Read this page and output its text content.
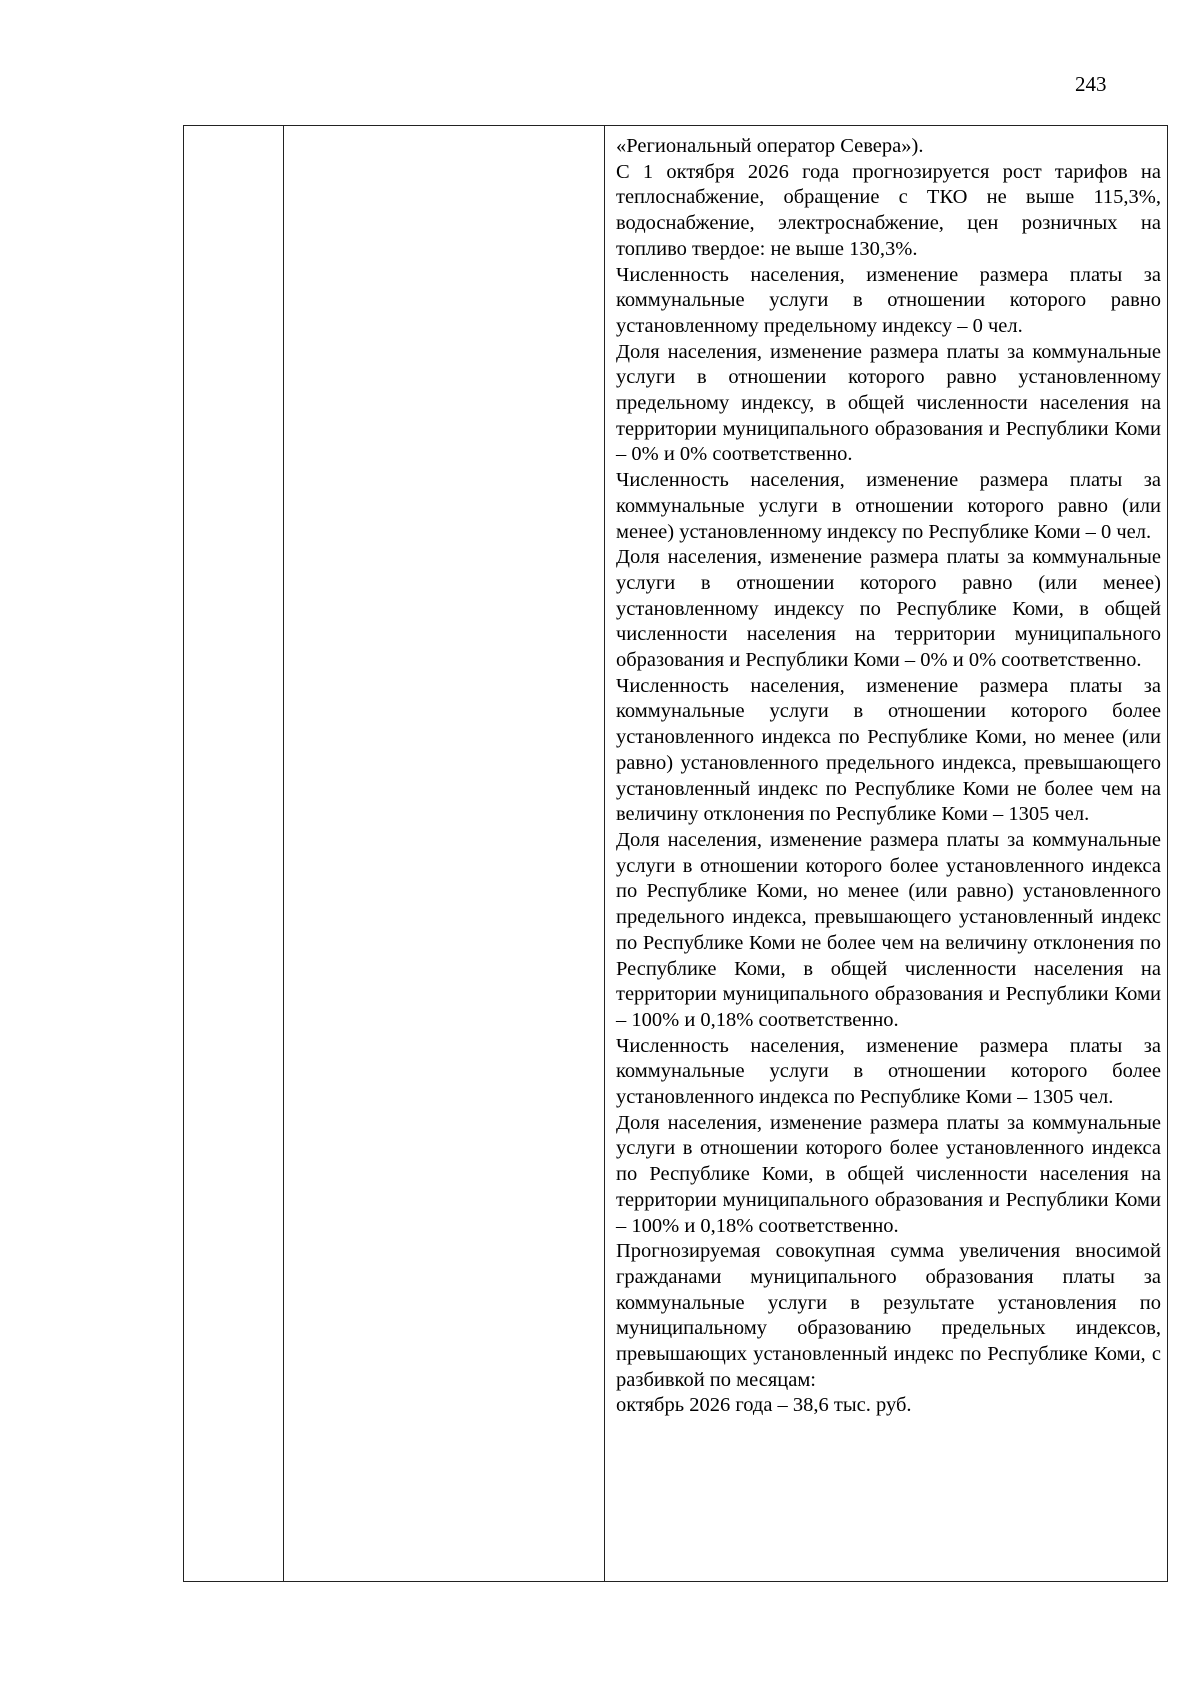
243

«Региональный оператор Севера»).

С 1 октября 2026 года прогнозируется рост тарифов на теплоснабжение, обращение с ТКО не выше 115,3%, водоснабжение, электроснабжение, цен розничных на топливо твердое: не выше 130,3%.

Численность населения, изменение размера платы за коммунальные услуги в отношении которого равно установленному предельному индексу – 0 чел.

Доля населения, изменение размера платы за коммунальные услуги в отношении которого равно установленному предельному индексу, в общей численности населения на территории муниципального образования и Республики Коми – 0% и 0% соответственно.

Численность населения, изменение размера платы за коммунальные услуги в отношении которого равно (или менее) установленному индексу по Республике Коми – 0 чел.

Доля населения, изменение размера платы за коммунальные услуги в отношении которого равно (или менее) установленному индексу по Республике Коми, в общей численности населения на территории муниципального образования и Республики Коми – 0% и 0% соответственно.

Численность населения, изменение размера платы за коммунальные услуги в отношении которого более установленного индекса по Республике Коми, но менее (или равно) установленного предельного индекса, превышающего установленный индекс по Республике Коми не более чем на величину отклонения по Республике Коми – 1305 чел.

Доля населения, изменение размера платы за коммунальные услуги в отношении которого более установленного индекса по Республике Коми, но менее (или равно) установленного предельного индекса, превышающего установленный индекс по Республике Коми не более чем на величину отклонения по Республике Коми, в общей численности населения на территории муниципального образования и Республики Коми – 100% и 0,18% соответственно.

Численность населения, изменение размера платы за коммунальные услуги в отношении которого более установленного индекса по Республике Коми – 1305 чел.

Доля населения, изменение размера платы за коммунальные услуги в отношении которого более установленного индекса по Республике Коми, в общей численности населения на территории муниципального образования и Республики Коми – 100% и 0,18% соответственно.

Прогнозируемая совокупная сумма увеличения вносимой гражданами муниципального образования платы за коммунальные услуги в результате установления по муниципальному образованию предельных индексов, превышающих установленный индекс по Республике Коми, с разбивкой по месяцам:

октябрь 2026 года – 38,6 тыс. руб.
